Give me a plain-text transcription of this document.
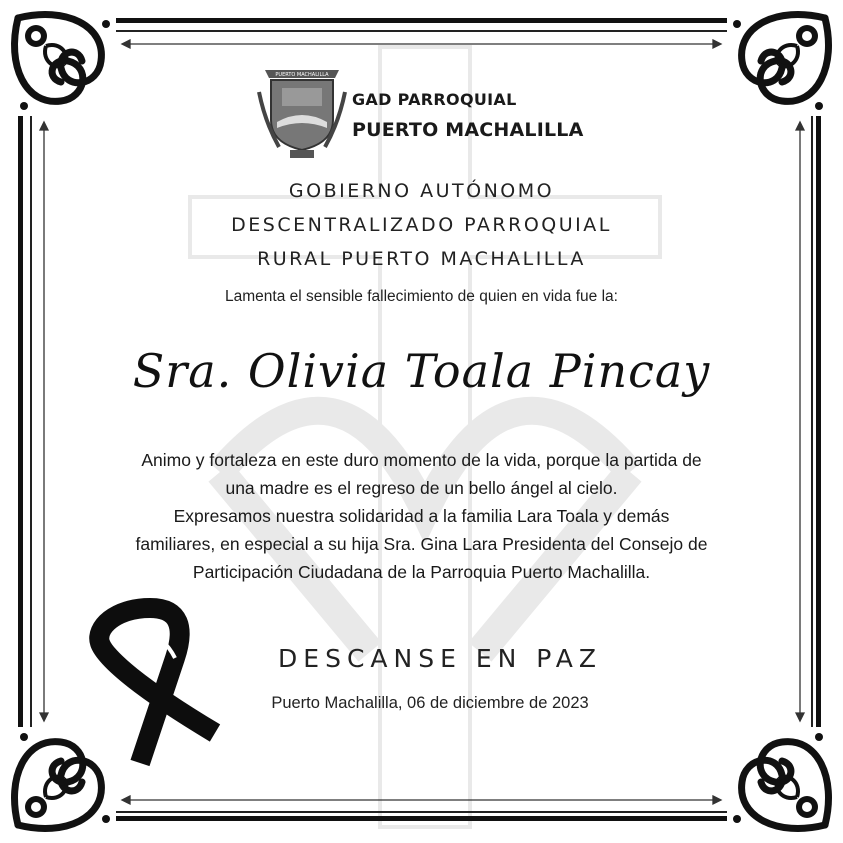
PUERTO MACHALILLA
GAD PARROQUIAL
PUERTO MACHALILLA
GOBIERNO AUTÓNOMO
DESCENTRALIZADO PARROQUIAL
RURAL PUERTO MACHALILLA
Lamenta el sensible fallecimiento de quien en vida fue la:
Sra. Olivia Toala Pincay
Animo y fortaleza en este duro momento de la vida, porque la partida de
una madre es el regreso de un bello ángel al cielo.
Expresamos nuestra solidaridad a la familia Lara Toala y demás
familiares, en especial a su hija Sra. Gina Lara Presidenta del Consejo de
Participación Ciudadana de la Parroquia Puerto Machalilla.
DESCANSE EN PAZ
Puerto Machalilla, 06 de diciembre de 2023
